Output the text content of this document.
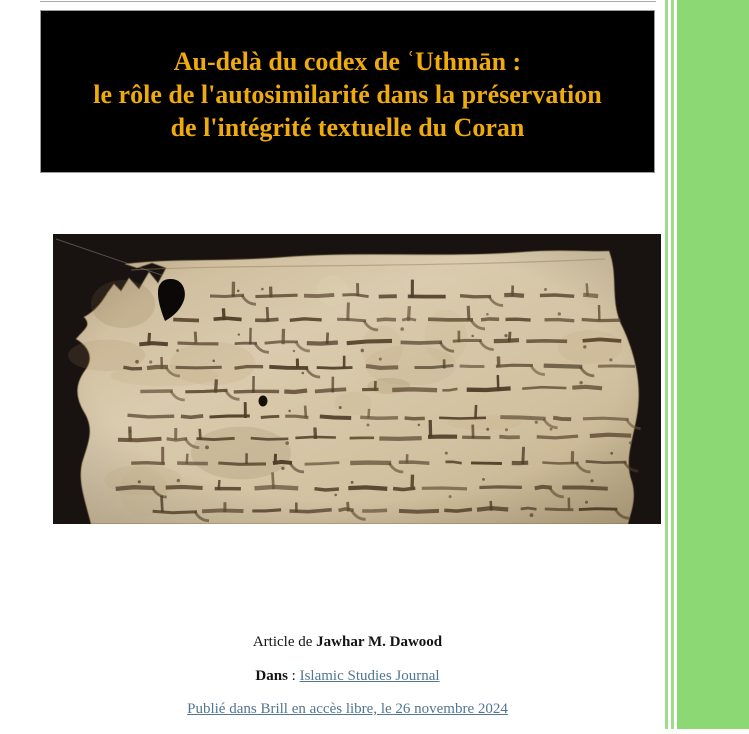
Au-delà du codex de ʿUthmān :
le rôle de l'autosimilarité dans la préservation
de l'intégrité textuelle du Coran
Article de Jawhar M. Dawood
Dans : Islamic Studies Journal
Publié dans Brill en accès libre, le 26 novembre 2024
